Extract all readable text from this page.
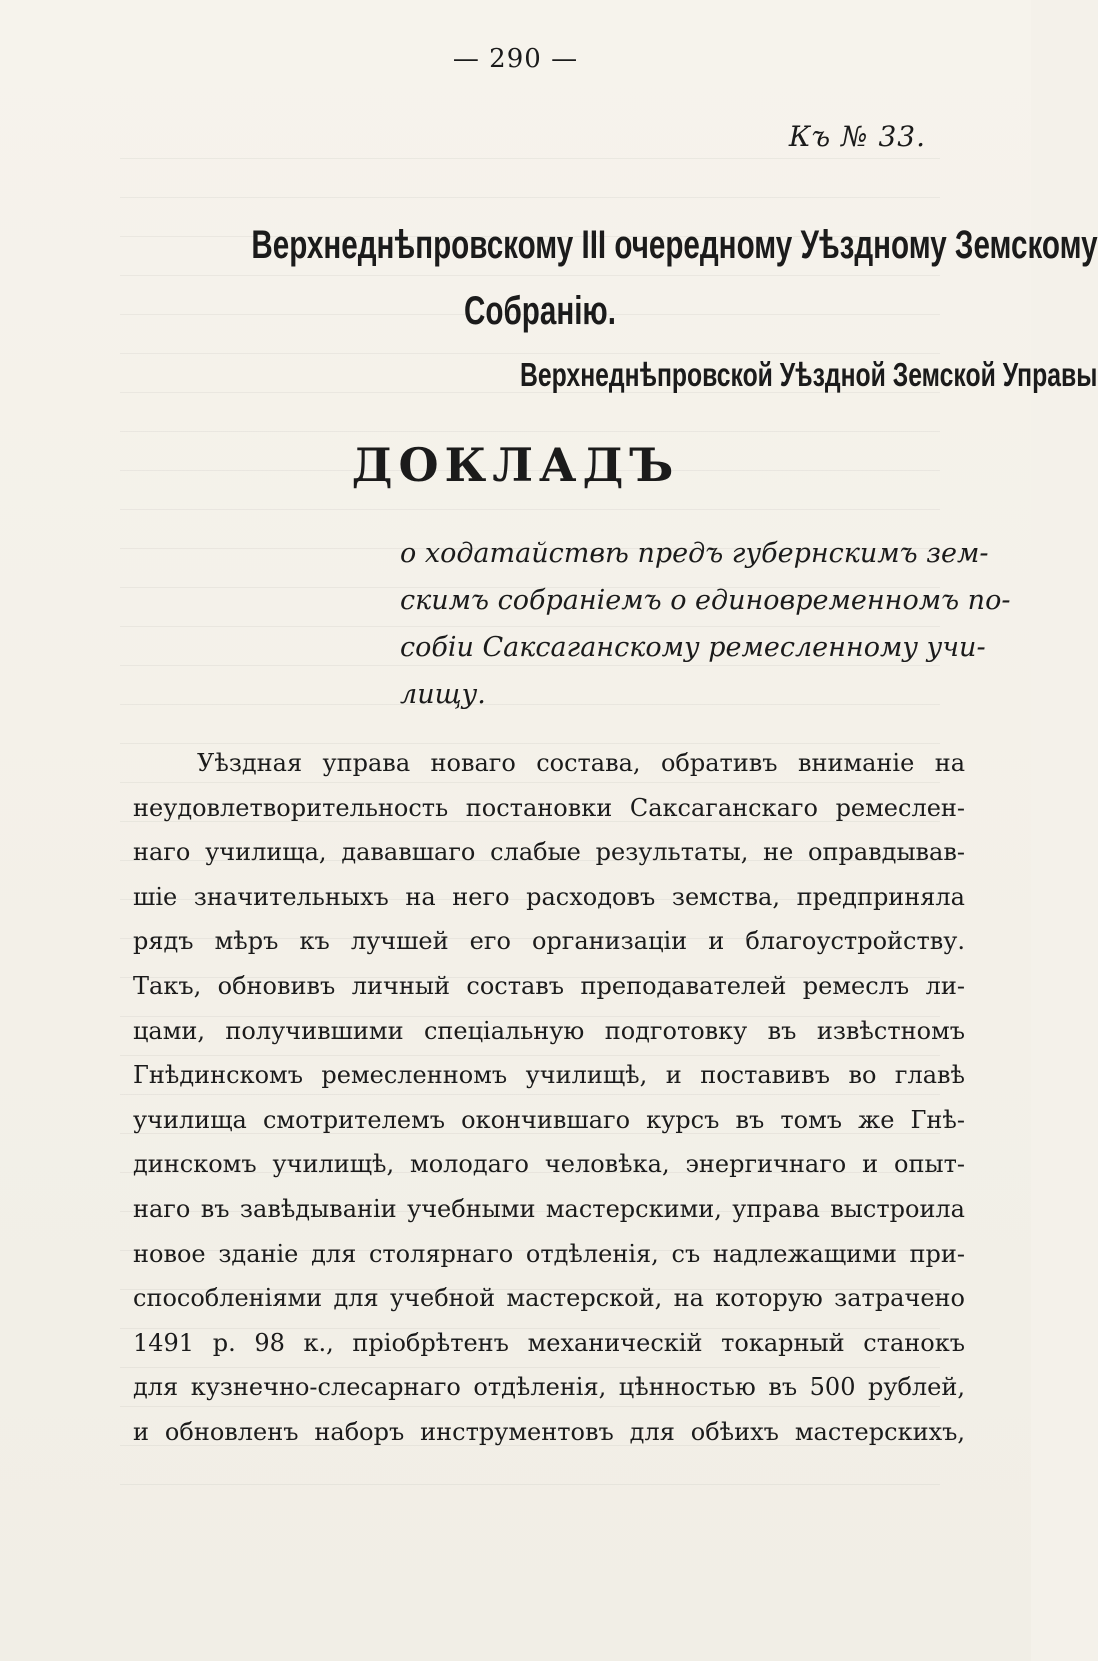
— 290 —
Къ № 33.
Верхнеднѣпровскому III очередному Уѣздному Земскому
Собранію.
Верхнеднѣпровской Уѣздной Земской Управы
ДОКЛАДЪ
о ходатайствѣ предъ губернскимъ зем-
скимъ собраніемъ о единовременномъ по-
собіи Саксаганскому ремесленному учи-
лищу.
Уѣздная управа новаго состава, обративъ вниманіе на
неудовлетворительность постановки Саксаганскаго ремеслен-
наго училища, дававшаго слабые результаты, не оправдывав-
шіе значительныхъ на него расходовъ земства, предприняла
рядъ мѣръ къ лучшей его организаціи и благоустройству.
Такъ, обновивъ личный составъ преподавателей ремеслъ ли-
цами, получившими спеціальную подготовку въ извѣстномъ
Гнѣдинскомъ ремесленномъ училищѣ, и поставивъ во главѣ
училища смотрителемъ окончившаго курсъ въ томъ же Гнѣ-
динскомъ училищѣ, молодаго человѣка, энергичнаго и опыт-
наго въ завѣдываніи учебными мастерскими, управа выстроила
новое зданіе для столярнаго отдѣленія, съ надлежащими при-
способленіями для учебной мастерской, на которую затрачено
1491 р. 98 к., пріобрѣтенъ механическій токарный станокъ
для кузнечно-слесарнаго отдѣленія, цѣнностью въ 500 рублей,
и обновленъ наборъ инструментовъ для обѣихъ мастерскихъ,
